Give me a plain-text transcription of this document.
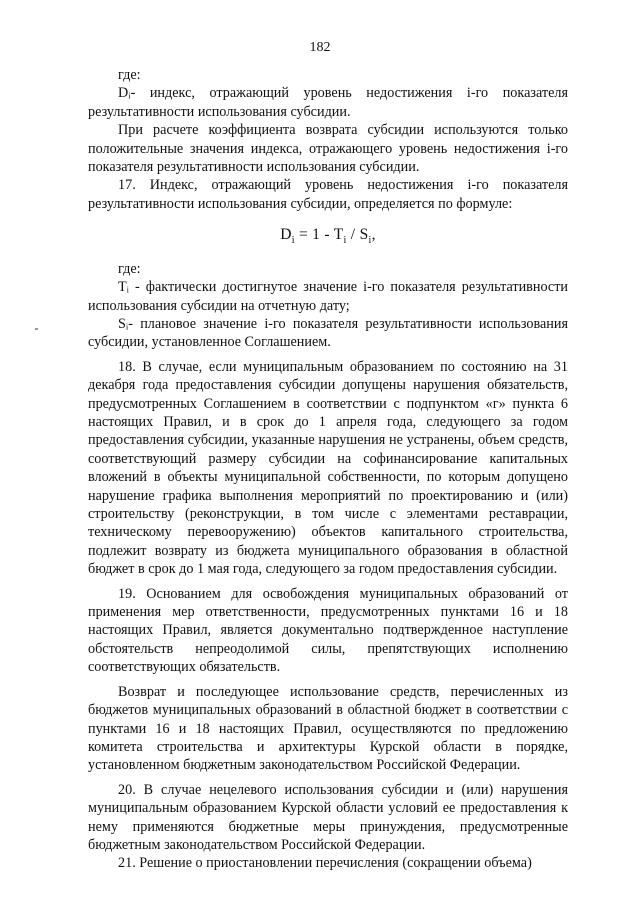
182

где:

Dᵢ- индекс, отражающий уровень недостижения i-го показателя результативности использования субсидии.

При расчете коэффициента возврата субсидии используются только положительные значения индекса, отражающего уровень недостижения i-го показателя результативности использования субсидии.

17. Индекс, отражающий уровень недостижения i-го показателя результативности использования субсидии, определяется по формуле:

$D_i = 1 - T_i / S_i$,

где:

Tᵢ - фактически достигнутое значение i-го показателя результативности использования субсидии на отчетную дату;

Sᵢ- плановое значение i-го показателя результативности использования субсидии, установленное Соглашением.

18. В случае, если муниципальным образованием по состоянию на 31 декабря года предоставления субсидии допущены нарушения обязательств, предусмотренных Соглашением в соответствии с подпунктом «г» пункта 6 настоящих Правил, и в срок до 1 апреля года, следующего за годом предоставления субсидии, указанные нарушения не устранены, объем средств, соответствующий размеру субсидии на софинансирование капитальных вложений в объекты муниципальной собственности, по которым допущено нарушение графика выполнения мероприятий по проектированию и (или) строительству (реконструкции, в том числе с элементами реставрации, техническому перевооружению) объектов капитального строительства, подлежит возврату из бюджета муниципального образования в областной бюджет в срок до 1 мая года, следующего за годом предоставления субсидии.

19. Основанием для освобождения муниципальных образований от применения мер ответственности, предусмотренных пунктами 16 и 18 настоящих Правил, является документально подтвержденное наступление обстоятельств непреодолимой силы, препятствующих исполнению соответствующих обязательств.

Возврат и последующее использование средств, перечисленных из бюджетов муниципальных образований в областной бюджет в соответствии с пунктами 16 и 18 настоящих Правил, осуществляются по предложению комитета строительства и архитектуры Курской области в порядке, установленном бюджетным законодательством Российской Федерации.

20. В случае нецелевого использования субсидии и (или) нарушения муниципальным образованием Курской области условий ее предоставления к нему применяются бюджетные меры принуждения, предусмотренные бюджетным законодательством Российской Федерации.

21. Решение о приостановлении перечисления (сокращении объема)
